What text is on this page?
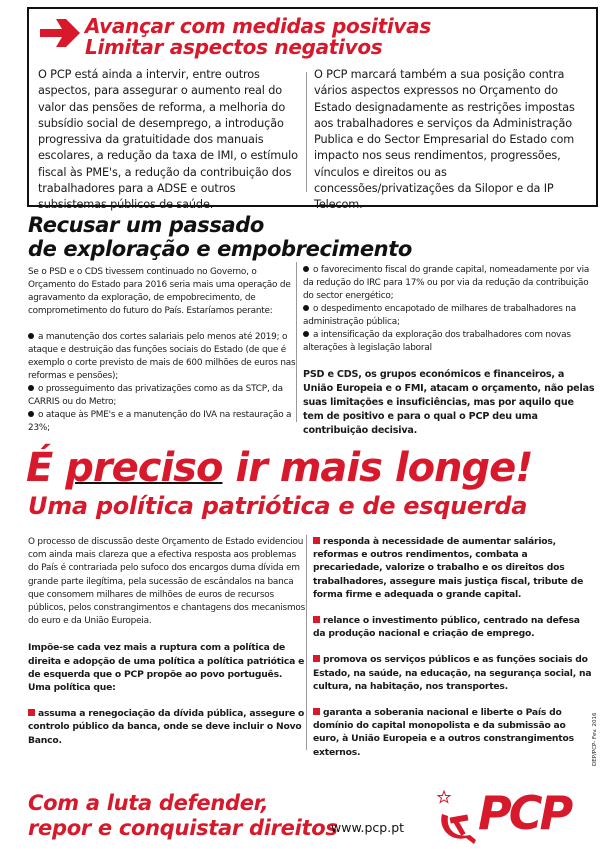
Avançar com medidas positivas
Limitar aspectos negativos

O PCP está ainda a intervir, entre outros aspectos, para assegurar o aumento real do valor das pensões de reforma, a melhoria do subsídio social de desemprego, a introdução progressiva da gratuitidade dos manuais escolares, a redução da taxa de IMI, o estímulo fiscal às PME's, a redução da contribuição dos trabalhadores para a ADSE e outros subsistemas públicos de saúde.

O PCP marcará também a sua posição contra vários aspectos expressos no Orçamento do Estado designadamente as restrições impostas aos trabalhadores e serviços da Administração Publica e do Sector Empresarial do Estado com impacto nos seus rendimentos, progressões, vínculos e direitos ou as concessões/privatizações da Silopor e da IP Telecom.

Recusar um passado
de exploração e empobrecimento

Se o PSD e o CDS tivessem continuado no Governo, o Orçamento do Estado para 2016 seria mais uma operação de agravamento da exploração, de empobrecimento, de comprometimento do futuro do País. Estaríamos perante:

a manutenção dos cortes salariais pelo menos até 2019; o ataque e destruição das funções sociais do Estado (de que é exemplo o corte previsto de mais de 600 milhões de euros nas reformas e pensões);

o prosseguimento das privatizações como as da STCP, da CARRIS ou do Metro;

o ataque às PME's e a manutenção do IVA na restauração a 23%;

o favorecimento fiscal do grande capital, nomeadamente por via da redução do IRC para 17% ou por via da redução da contribuição do sector energético;

o despedimento encapotado de milhares de trabalhadores na administração pública;

a intensificação da exploração dos trabalhadores com novas alterações à legislação laboral

PSD e CDS, os grupos económicos e financeiros, a União Europeia e o FMI, atacam o orçamento, não pelas suas limitações e insuficiências, mas por aquilo que tem de positivo e para o qual o PCP deu uma contribuição decisiva.

É preciso ir mais longe!
Uma política patriótica e de esquerda

O processo de discussão deste Orçamento de Estado evidenciou com ainda mais clareza que a efectiva resposta aos problemas do País é contrariada pelo sufoco dos encargos duma dívida em grande parte ilegítima, pela sucessão de escândalos na banca que consomem milhares de milhões de euros de recursos públicos, pelos constrangimentos e chantagens dos mecanismos do euro e da União Europeia.

Impõe-se cada vez mais a ruptura com a política de direita e adopção de uma política a política patriótica e de esquerda que o PCP propõe ao povo português. Uma política que:

assuma a renegociação da dívida pública, assegure o controlo público da banca, onde se deve incluir o Novo Banco.

responda à necessidade de aumentar salários, reformas e outros rendimentos, combata a precariedade, valorize o trabalho e os direitos dos trabalhadores, assegure mais justiça fiscal, tribute de forma firme e adequada o grande capital.

relance o investimento público, centrado na defesa da produção nacional e criação de emprego.

promova os serviços públicos e as funções sociais do Estado, na saúde, na educação, na segurança social, na cultura, na habitação, nos transportes.

garanta a soberania nacional e liberte o País do domínio do capital monopolista e da submissão ao euro, à União Europeia e a outros constrangimentos externos.	DEP/PCP- Fev. 2016
Com a luta defender,
repor e conquistar direitos
www.pcp.pt PCP
